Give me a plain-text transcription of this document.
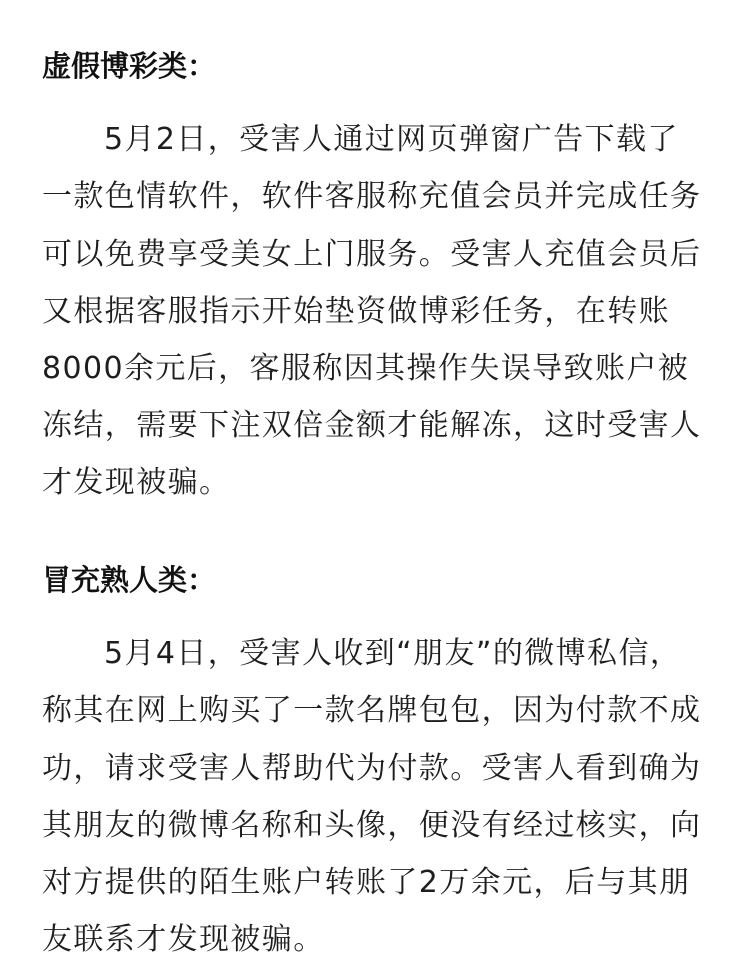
虚假博彩类：
5月2日，受害人通过网页弹窗广告下载了
一款色情软件，软件客服称充值会员并完成任务
可以免费享受美女上门服务。受害人充值会员后
又根据客服指示开始垫资做博彩任务，在转账
8000余元后，客服称因其操作失误导致账户被
冻结，需要下注双倍金额才能解冻，这时受害人
才发现被骗。
冒充熟人类：
5月4日，受害人收到“朋友”的微博私信，
称其在网上购买了一款名牌包包，因为付款不成
功，请求受害人帮助代为付款。受害人看到确为
其朋友的微博名称和头像，便没有经过核实，向
对方提供的陌生账户转账了2万余元，后与其朋
友联系才发现被骗。
